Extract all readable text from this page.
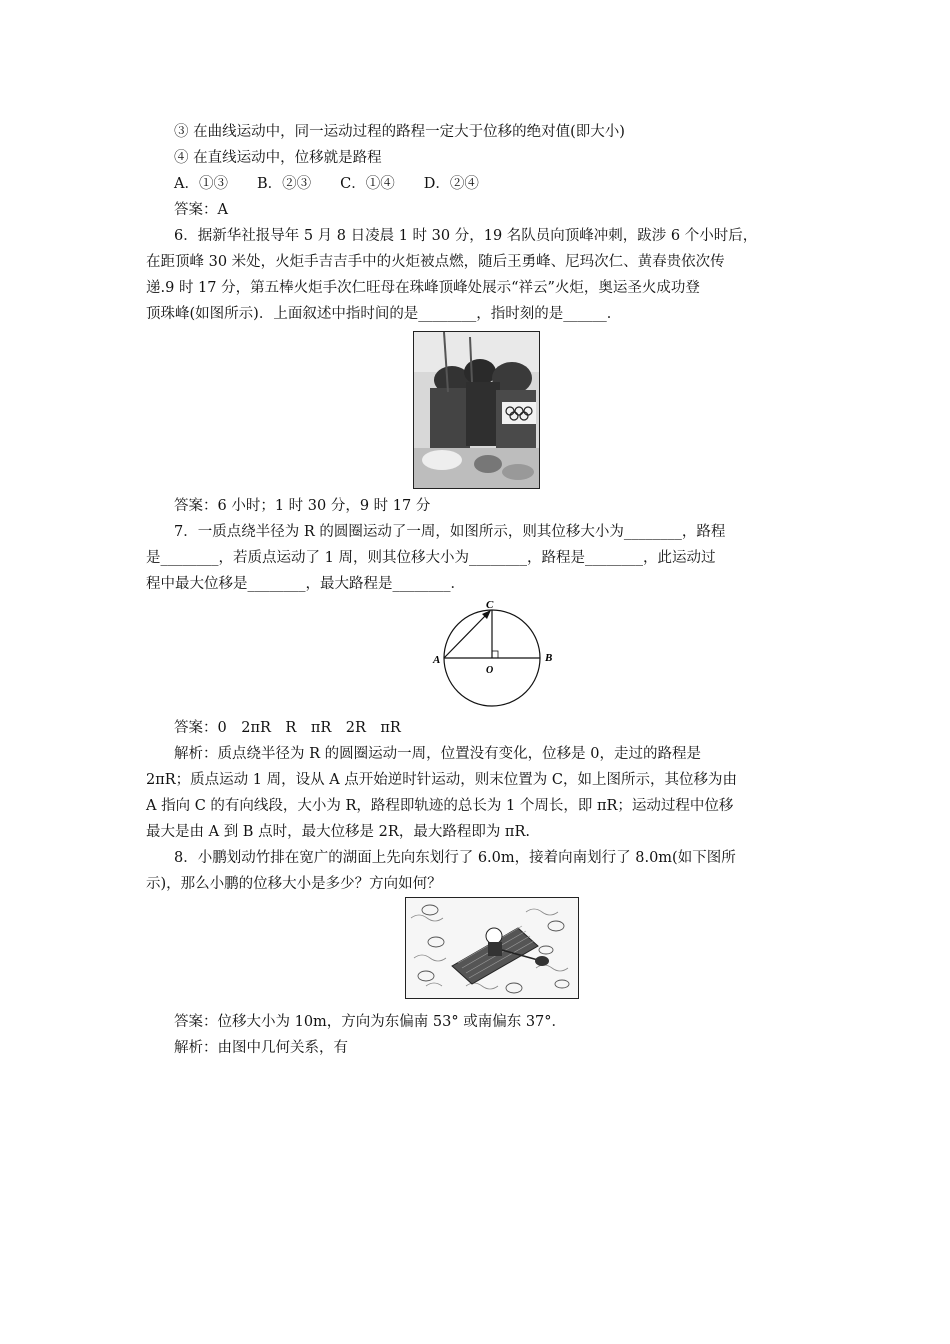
③ 在曲线运动中，同一运动过程的路程一定大于位移的绝对值(即大小)
④ 在直线运动中，位移就是路程
A．①③　　B．②③　　C．①④　　D．②④
答案：A
6．据新华社报导年 5 月 8 日凌晨 1 时 30 分，19 名队员向顶峰冲刺，跋涉 6 个小时后，
在距顶峰 30 米处，火炬手吉吉手中的火炬被点燃，随后王勇峰、尼玛次仁、黄春贵依次传
递.9 时 17 分，第五棒火炬手次仁旺母在珠峰顶峰处展示“祥云”火炬，奥运圣火成功登
顶珠峰(如图所示)．上面叙述中指时间的是________，指时刻的是______．
答案：6 小时；1 时 30 分，9 时 17 分
7．一质点绕半径为 R 的圆圈运动了一周，如图所示，则其位移大小为________，路程
是________，若质点运动了 1 周，则其位移大小为________，路程是________，此运动过
程中最大位移是________，最大路程是________．
A	B
C
O
答案：0　2πR　R　πR　2R　πR
解析：质点绕半径为 R 的圆圈运动一周，位置没有变化，位移是 0，走过的路程是
2πR；质点运动 1 周，设从 A 点开始逆时针运动，则末位置为 C，如上图所示，其位移为由
A 指向 C 的有向线段，大小为 R，路程即轨迹的总长为 1 个周长，即 πR；运动过程中位移
最大是由 A 到 B 点时，最大位移是 2R，最大路程即为 πR.
8．小鹏划动竹排在宽广的湖面上先向东划行了 6.0m，接着向南划行了 8.0m(如下图所
示)，那么小鹏的位移大小是多少？方向如何？
答案：位移大小为 10m，方向为东偏南 53° 或南偏东 37°．
解析：由图中几何关系，有
